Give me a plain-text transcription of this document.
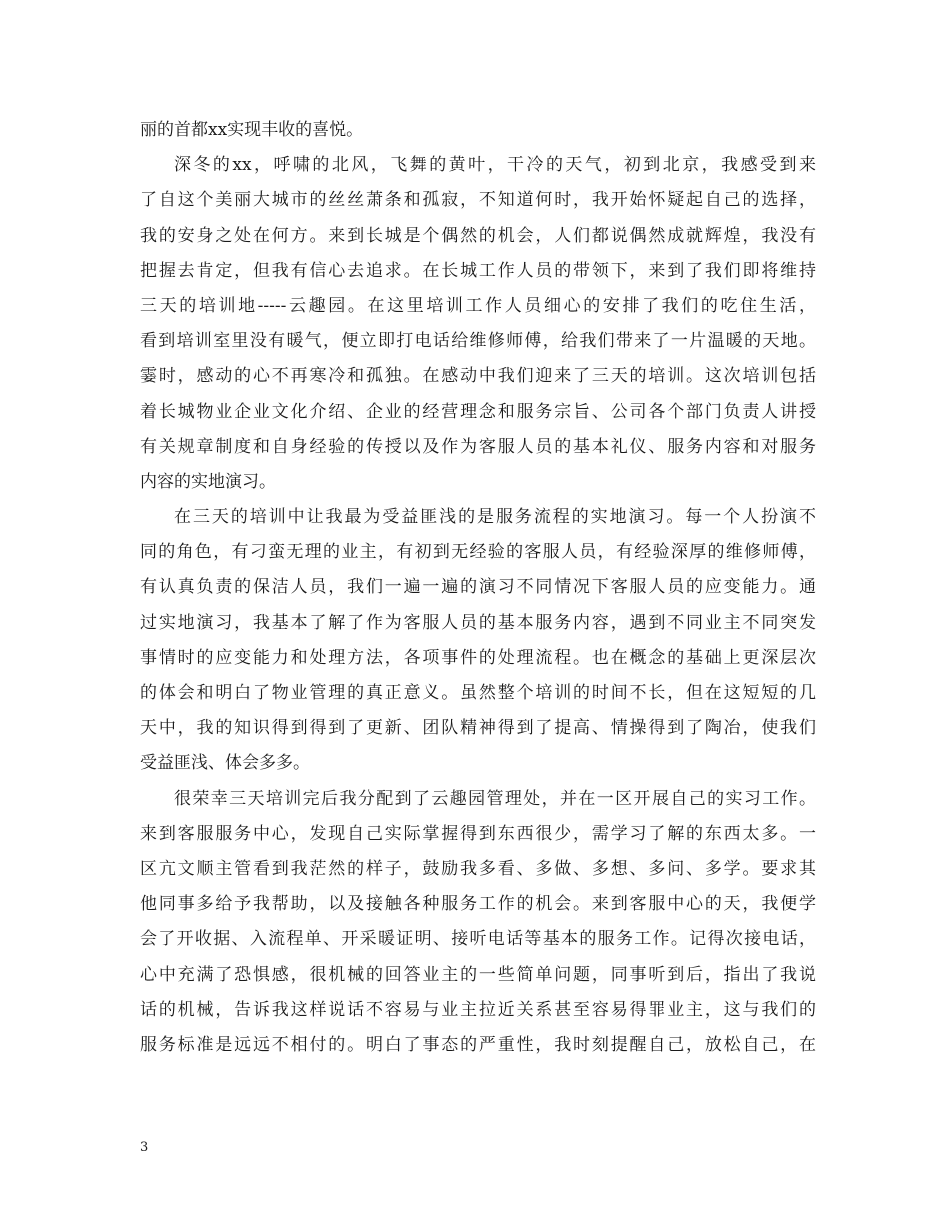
丽的首都xx实现丰收的喜悦。
深冬的xx，呼啸的北风，飞舞的黄叶，干冷的天气，初到北京，我感受到来
了自这个美丽大城市的丝丝萧条和孤寂，不知道何时，我开始怀疑起自己的选择，
我的安身之处在何方。来到长城是个偶然的机会，人们都说偶然成就辉煌，我没有
把握去肯定，但我有信心去追求。在长城工作人员的带领下，来到了我们即将维持
三天的培训地-----云趣园。在这里培训工作人员细心的安排了我们的吃住生活，
看到培训室里没有暖气，便立即打电话给维修师傅，给我们带来了一片温暖的天地。
霎时，感动的心不再寒冷和孤独。在感动中我们迎来了三天的培训。这次培训包括
着长城物业企业文化介绍、企业的经营理念和服务宗旨、公司各个部门负责人讲授
有关规章制度和自身经验的传授以及作为客服人员的基本礼仪、服务内容和对服务
内容的实地演习。
在三天的培训中让我最为受益匪浅的是服务流程的实地演习。每一个人扮演不
同的角色，有刁蛮无理的业主，有初到无经验的客服人员，有经验深厚的维修师傅，
有认真负责的保洁人员，我们一遍一遍的演习不同情况下客服人员的应变能力。通
过实地演习，我基本了解了作为客服人员的基本服务内容，遇到不同业主不同突发
事情时的应变能力和处理方法，各项事件的处理流程。也在概念的基础上更深层次
的体会和明白了物业管理的真正意义。虽然整个培训的时间不长，但在这短短的几
天中，我的知识得到得到了更新、团队精神得到了提高、情操得到了陶冶，使我们
受益匪浅、体会多多。
很荣幸三天培训完后我分配到了云趣园管理处，并在一区开展自己的实习工作。
来到客服服务中心，发现自己实际掌握得到东西很少，需学习了解的东西太多。一
区亢文顺主管看到我茫然的样子，鼓励我多看、多做、多想、多问、多学。要求其
他同事多给予我帮助，以及接触各种服务工作的机会。来到客服中心的天，我便学
会了开收据、入流程单、开采暖证明、接听电话等基本的服务工作。记得次接电话，
心中充满了恐惧感，很机械的回答业主的一些简单问题，同事听到后，指出了我说
话的机械，告诉我这样说话不容易与业主拉近关系甚至容易得罪业主，这与我们的
服务标准是远远不相付的。明白了事态的严重性，我时刻提醒自己，放松自己，在
3
